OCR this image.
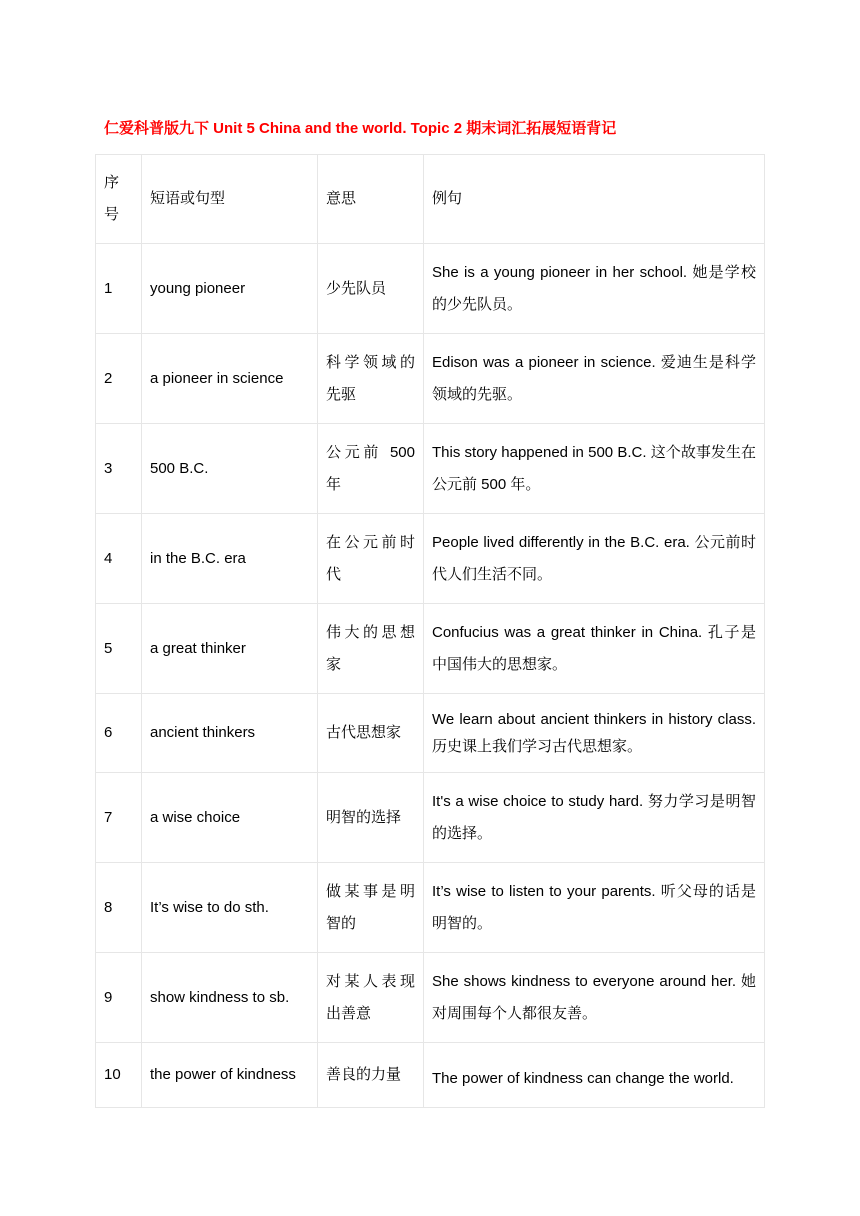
仁爱科普版九下 Unit 5 China and the world. Topic 2 期末词汇拓展短语背记
序号	短语或句型	意思	例句
1	young pioneer	少先队员	She is a young pioneer in her school. 她是学校的少先队员。
2	a pioneer in science	科学领域的先驱	Edison was a pioneer in science. 爱迪生是科学领域的先驱。
3	500 B.C.	公元前 500 年	This story happened in 500 B.C. 这个故事发生在公元前 500 年。
4	in the B.C. era	在公元前时代	People lived differently in the B.C. era. 公元前时代人们生活不同。
5	a great thinker	伟大的思想家	Confucius was a great thinker in China. 孔子是中国伟大的思想家。
6	ancient thinkers	古代思想家	We learn about ancient thinkers in history class. 历史课上我们学习古代思想家。
7	a wise choice	明智的选择	It's a wise choice to study hard. 努力学习是明智的选择。
8	It’s wise to do sth.	做某事是明智的	It’s wise to listen to your parents. 听父母的话是明智的。
9	show kindness to sb.	对某人表现出善意	She shows kindness to everyone around her. 她对周围每个人都很友善。
10	the power of kindness	善良的力量	The power of kindness can change the world.
